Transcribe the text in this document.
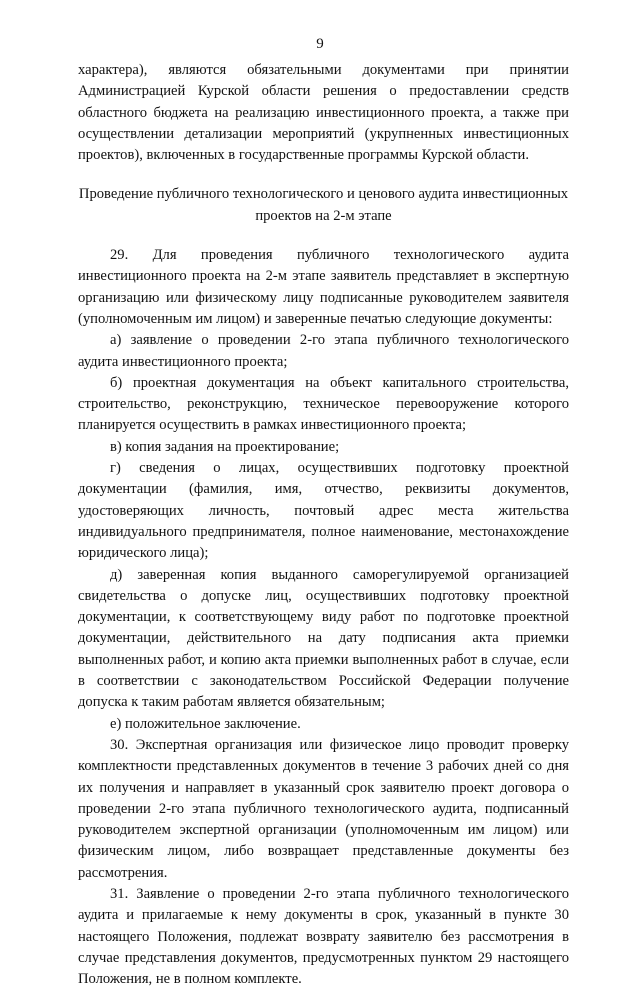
9

характера), являются обязательными документами при принятии Администрацией Курской области решения о предоставлении средств областного бюджета на реализацию инвестиционного проекта, а также при осуществлении детализации мероприятий (укрупненных инвестиционных проектов), включенных в государственные программы Курской области.

Проведение публичного технологического и ценового аудита инвестиционных проектов на 2-м этапе

29. Для проведения публичного технологического аудита инвестиционного проекта на 2-м этапе заявитель представляет в экспертную организацию или физическому лицу подписанные руководителем заявителя (уполномоченным им лицом) и заверенные печатью следующие документы:

а) заявление о проведении 2-го этапа публичного технологического аудита инвестиционного проекта;

б) проектная документация на объект капитального строительства, строительство, реконструкцию, техническое перевооружение которого планируется осуществить в рамках инвестиционного проекта;

в) копия задания на проектирование;

г) сведения о лицах, осуществивших подготовку проектной документации (фамилия, имя, отчество, реквизиты документов, удостоверяющих личность, почтовый адрес места жительства индивидуального предпринимателя, полное наименование, местонахождение юридического лица);

д) заверенная копия выданного саморегулируемой организацией свидетельства о допуске лиц, осуществивших подготовку проектной документации, к соответствующему виду работ по подготовке проектной документации, действительного на дату подписания акта приемки выполненных работ, и копию акта приемки выполненных работ в случае, если в соответствии с законодательством Российской Федерации получение допуска к таким работам является обязательным;

е) положительное заключение.

30. Экспертная организация или физическое лицо проводит проверку комплектности представленных документов в течение 3 рабочих дней со дня их получения и направляет в указанный срок заявителю проект договора о проведении 2-го этапа публичного технологического аудита, подписанный руководителем экспертной организации (уполномоченным им лицом) или физическим лицом, либо возвращает представленные документы без рассмотрения.

31. Заявление о проведении 2-го этапа публичного технологического аудита и прилагаемые к нему документы в срок, указанный в пункте 30 настоящего Положения, подлежат возврату заявителю без рассмотрения в случае представления документов, предусмотренных пунктом 29 настоящего Положения, не в полном комплекте.
